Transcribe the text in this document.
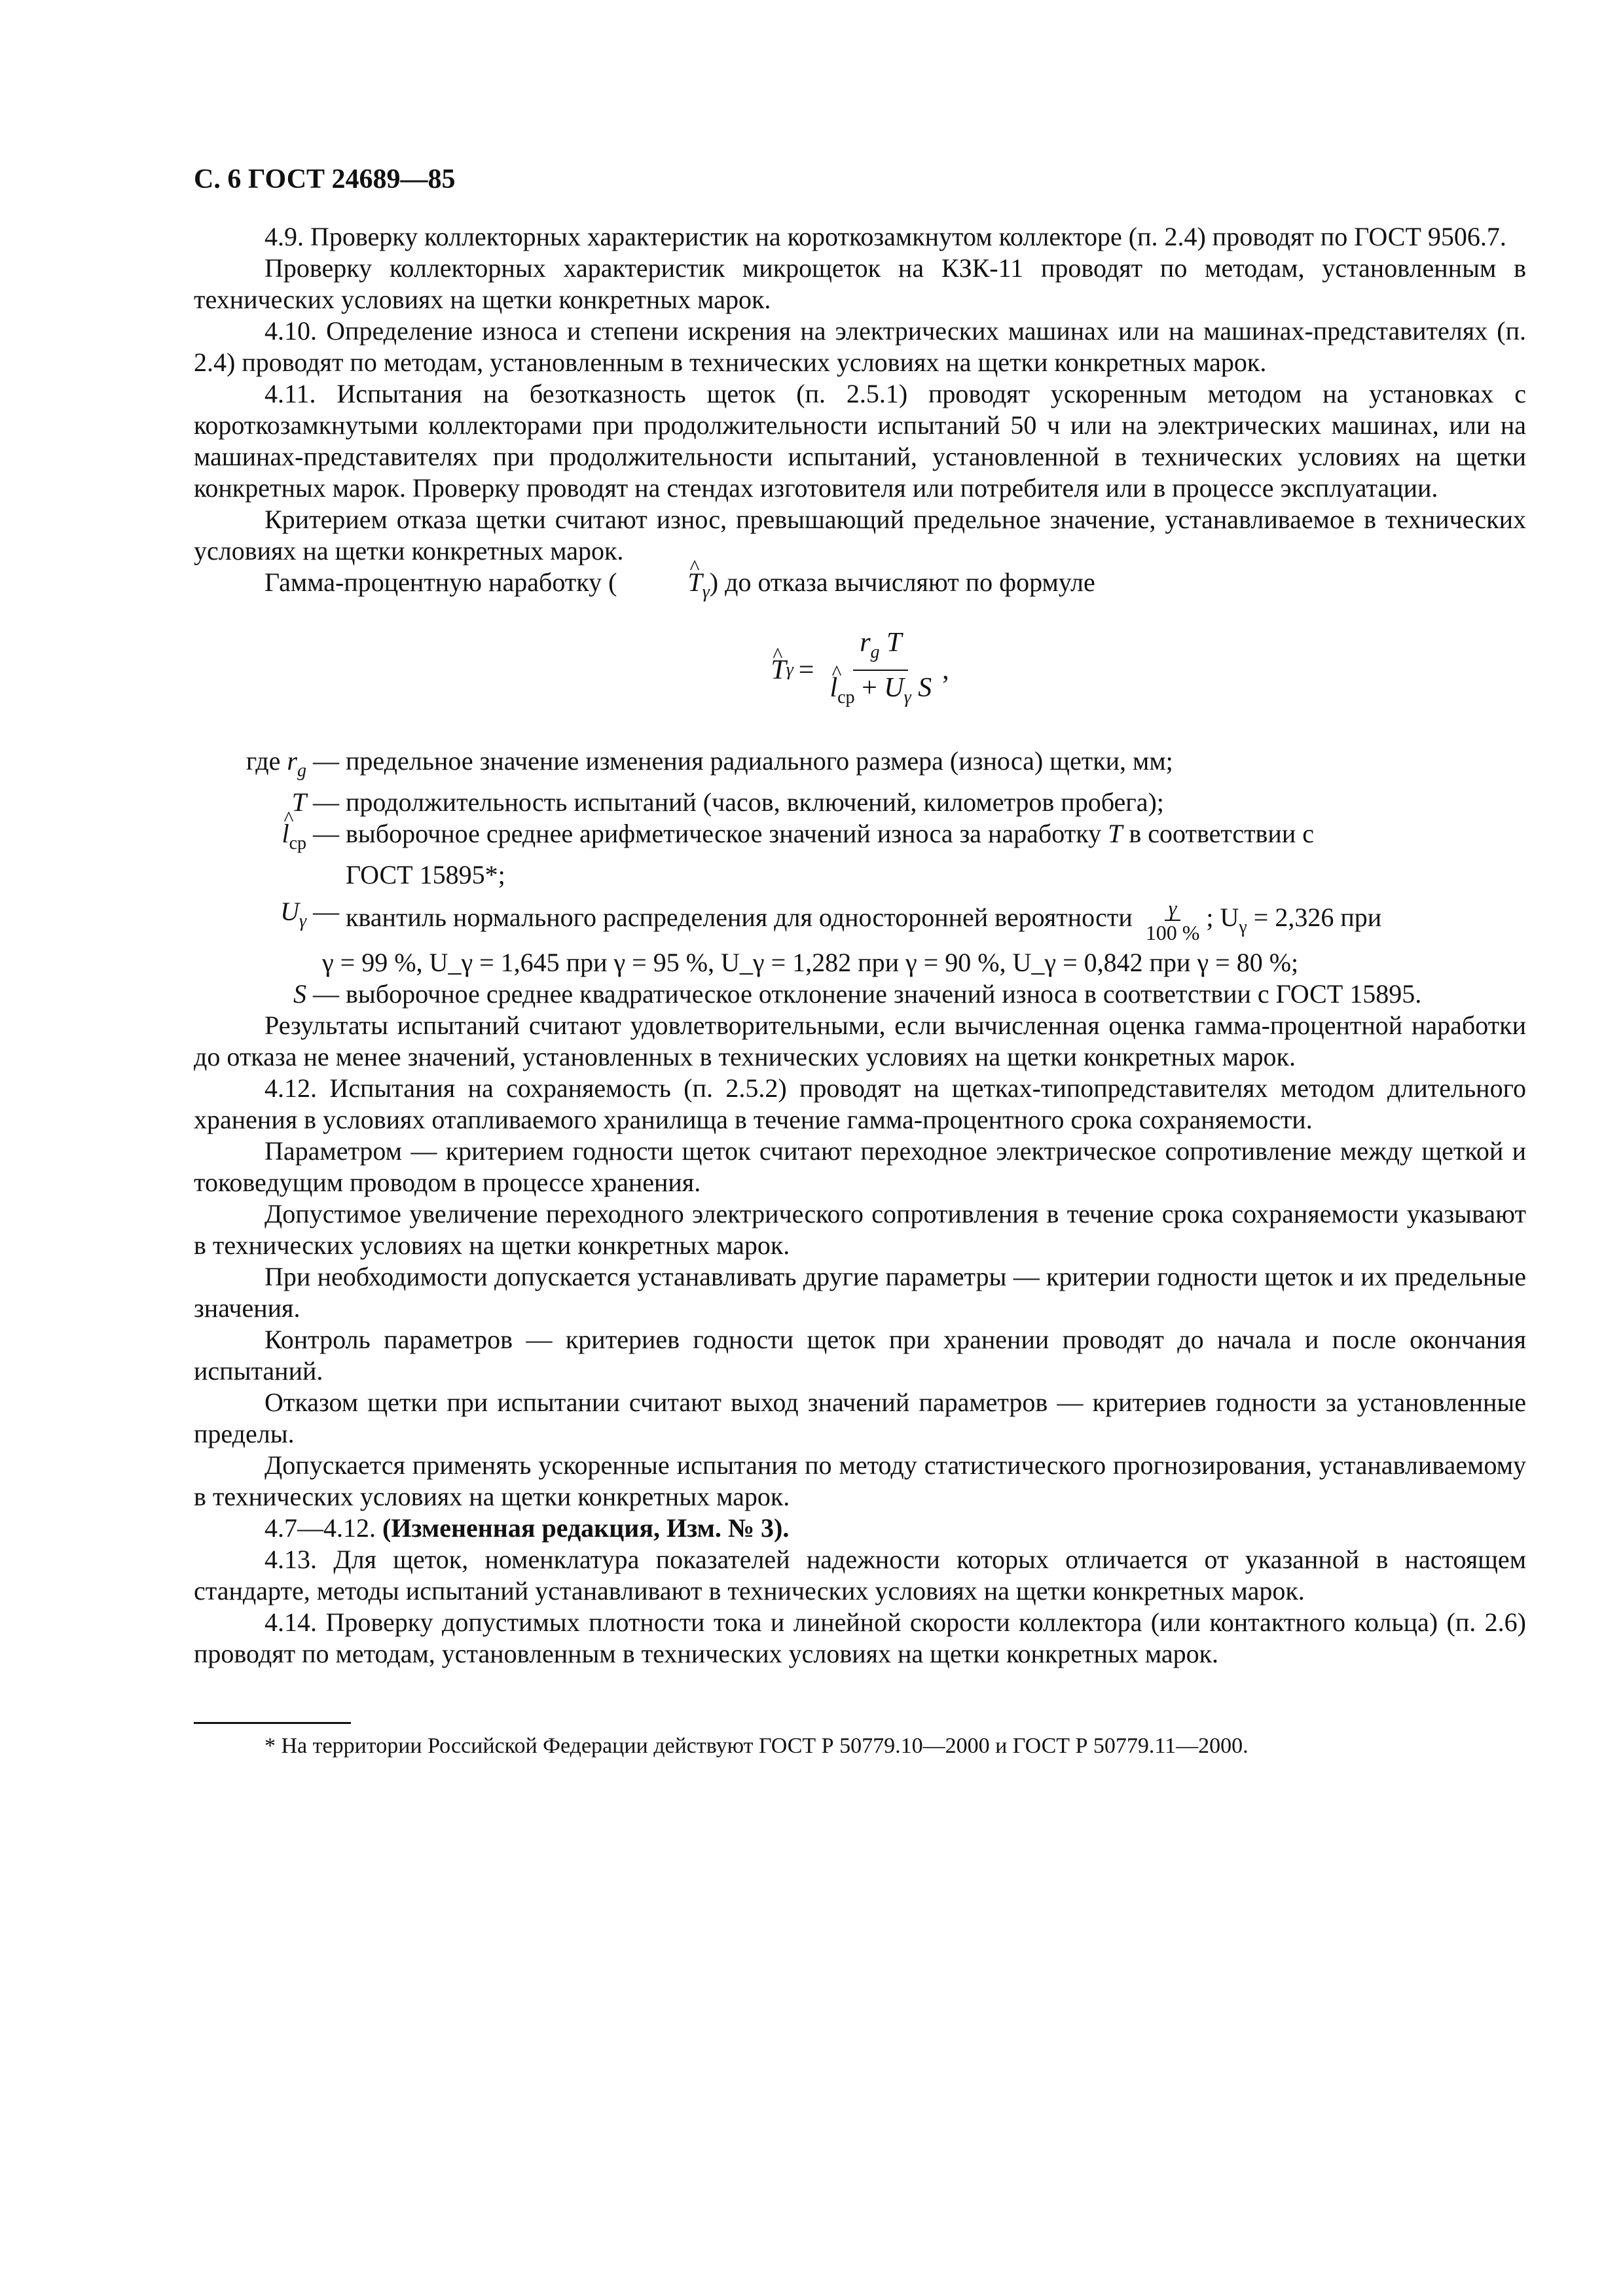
С. 6 ГОСТ 24689—85

4.9. Проверку коллекторных характеристик на короткозамкнутом коллекторе (п. 2.4) проводят по ГОСТ 9506.7.

Проверку коллекторных характеристик микрощеток на КЗК-11 проводят по методам, установленным в технических условиях на щетки конкретных марок.

4.10. Определение износа и степени искрения на электрических машинах или на машинах-представителях (п. 2.4) проводят по методам, установленным в технических условиях на щетки конкретных марок.

4.11. Испытания на безотказность щеток (п. 2.5.1) проводят ускоренным методом на установках с короткозамкнутыми коллекторами при продолжительности испытаний 50 ч или на электрических машинах, или на машинах-представителях при продолжительности испытаний, установленной в технических условиях на щетки конкретных марок. Проверку проводят на стендах изготовителя или потребителя или в процессе эксплуатации.

Критерием отказа щетки считают износ, превышающий предельное значение, устанавливаемое в технических условиях на щетки конкретных марок.

Гамма-процентную наработку (^	$T_\gamma$) до отказа вычисляют по формуле

^ T $\gamma = r_g$ T
^ $l_{ср} + U_\gamma$ S ,
где $r_g$ — предельное значение изменения радиального размера (износа) щетки, мм;
T — продолжительность испытаний (часов, включений, километров пробега);
^ $l_{ср}$ — выборочное среднее арифметическое значений износа за наработку T в соответствии с

ГОСТ 15895*;

$U_\gamma$ — квантиль нормального распределения для односторонней вероятности $\frac{\gamma}{100 \%}$ ; $U_\gamma = 2,326$ при

γ = 99 %, U_γ = 1,645 при γ = 95 %, U_γ = 1,282 при γ = 90 %, U_γ = 0,842 при γ = 80 %;

S — выборочное среднее квадратическое отклонение значений износа в соответствии с ГОСТ 15895.

Результаты испытаний считают удовлетворительными, если вычисленная оценка гамма-процентной наработки до отказа не менее значений, установленных в технических условиях на щетки конкретных марок.

4.12. Испытания на сохраняемость (п. 2.5.2) проводят на щетках-типопредставителях методом длительного хранения в условиях отапливаемого хранилища в течение гамма-процентного срока сохраняемости.

Параметром — критерием годности щеток считают переходное электрическое сопротивление между щеткой и токоведущим проводом в процессе хранения.

Допустимое увеличение переходного электрического сопротивления в течение срока сохраняемости указывают в технических условиях на щетки конкретных марок.

При необходимости допускается устанавливать другие параметры — критерии годности щеток и их предельные значения.

Контроль параметров — критериев годности щеток при хранении проводят до начала и после окончания испытаний.

Отказом щетки при испытании считают выход значений параметров — критериев годности за установленные пределы.

Допускается применять ускоренные испытания по методу статистического прогнозирования, устанавливаемому в технических условиях на щетки конкретных марок.

4.7—4.12. (Измененная редакция, Изм. № 3).

4.13. Для щеток, номенклатура показателей надежности которых отличается от указанной в настоящем стандарте, методы испытаний устанавливают в технических условиях на щетки конкретных марок.

4.14. Проверку допустимых плотности тока и линейной скорости коллектора (или контактного кольца) (п. 2.6) проводят по методам, установленным в технических условиях на щетки конкретных марок.

* На территории Российской Федерации действуют ГОСТ Р 50779.10—2000 и ГОСТ Р 50779.11—2000.
